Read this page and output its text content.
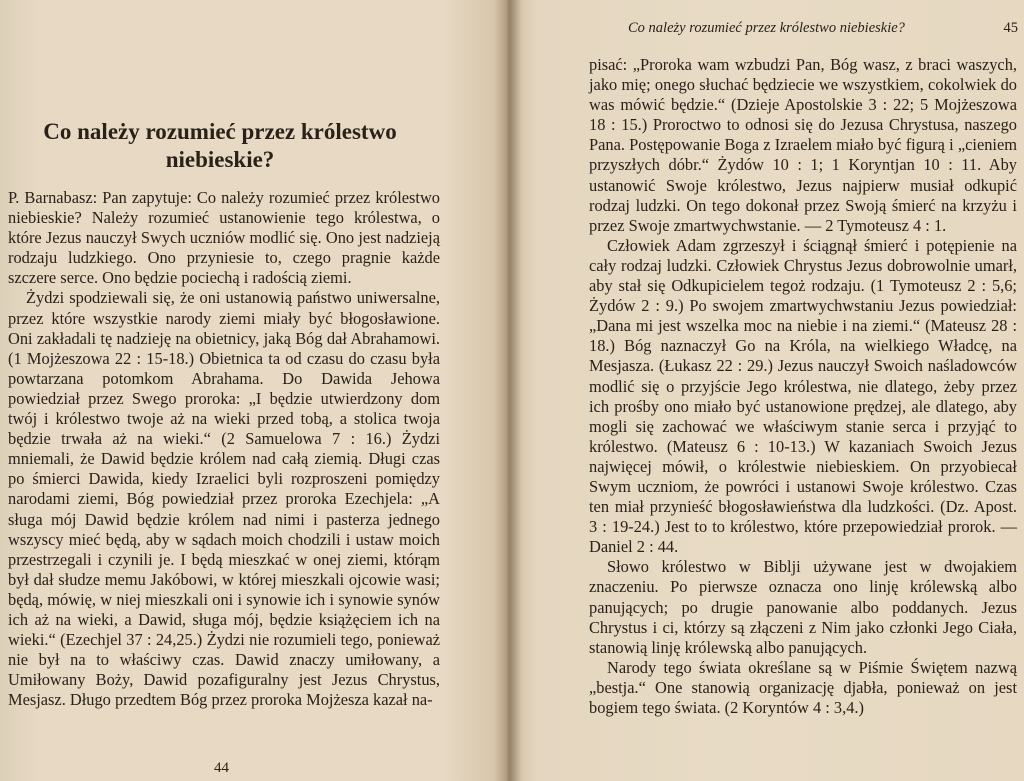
Co należy rozumieć przez królestwo niebieskie?

P. Barnabasz: Pan zapytuje: Co należy rozumieć przez królestwo niebieskie? Należy rozumieć ustanowienie tego królestwa, o które Jezus nauczył Swych uczniów modlić się. Ono jest nadzieją rodzaju ludzkiego. Ono przyniesie to, czego pragnie każde szczere serce. Ono będzie pociechą i radością ziemi.

Żydzi spodziewali się, że oni ustanowią państwo uniwersalne, przez które wszystkie narody ziemi miały być błogosławione. Oni zakładali tę nadzieję na obietnicy, jaką Bóg dał Abrahamowi. (1 Mojżeszowa 22 : 15-18.) Obietnica ta od czasu do czasu była powtarzana potomkom Abrahama. Do Dawida Jehowa powiedział przez Swego proroka: „I będzie utwierdzony dom twój i królestwo twoje aż na wieki przed tobą, a stolica twoja będzie trwała aż na wieki.“ (2 Samuelowa 7 : 16.) Żydzi mniemali, że Dawid będzie królem nad całą ziemią. Długi czas po śmierci Dawida, kiedy Izraelici byli rozproszeni pomiędzy narodami ziemi, Bóg powiedział przez proroka Ezechjela: „A sługa mój Dawid będzie królem nad nimi i pasterza jednego wszyscy mieć będą, aby w sądach moich chodzili i ustaw moich przestrzegali i czynili je. I będą mieszkać w onej ziemi, którąm był dał słudze memu Jakóbowi, w której mieszkali ojcowie wasi; będą, mówię, w niej mieszkali oni i synowie ich i synowie synów ich aż na wieki, a Dawid, sługa mój, będzie książęciem ich na wieki.“ (Ezechjel 37 : 24,25.) Żydzi nie rozumieli tego, ponieważ nie był na to właściwy czas. Dawid znaczy umiłowany, a Umiłowany Boży, Dawid pozafiguralny jest Jezus Chrystus, Mesjasz. Długo przedtem Bóg przez proroka Mojżesza kazał na-

44
Co należy rozumieć przez królestwo niebieskie?	45

pisać: „Proroka wam wzbudzi Pan, Bóg wasz, z braci waszych, jako mię; onego słuchać będziecie we wszystkiem, cokolwiek do was mówić będzie.“ (Dzieje Apostolskie 3 : 22; 5 Mojżeszowa 18 : 15.) Proroctwo to odnosi się do Jezusa Chrystusa, naszego Pana. Postępowanie Boga z Izraelem miało być figurą i „cieniem przyszłych dóbr.“ Żydów 10 : 1; 1 Koryntjan 10 : 11. Aby ustanowić Swoje królestwo, Jezus najpierw musiał odkupić rodzaj ludzki. On tego dokonał przez Swoją śmierć na krzyżu i przez Swoje zmartwychwstanie. — 2 Tymoteusz 4 : 1.

Człowiek Adam zgrzeszył i ściągnął śmierć i potępienie na cały rodzaj ludzki. Człowiek Chrystus Jezus dobrowolnie umarł, aby stał się Odkupicielem tegoż rodzaju. (1 Tymoteusz 2 : 5,6; Żydów 2 : 9.) Po swojem zmartwychwstaniu Jezus powiedział: „Dana mi jest wszelka moc na niebie i na ziemi.“ (Mateusz 28 : 18.) Bóg naznaczył Go na Króla, na wielkiego Władcę, na Mesjasza. (Łukasz 22 : 29.) Jezus nauczył Swoich naśladowców modlić się o przyjście Jego królestwa, nie dlatego, żeby przez ich prośby ono miało być ustanowione prędzej, ale dlatego, aby mogli się zachować we właściwym stanie serca i przyjąć to królestwo. (Mateusz 6 : 10-13.) W kazaniach Swoich Jezus najwięcej mówił, o królestwie niebieskiem. On przyobiecał Swym uczniom, że powróci i ustanowi Swoje królestwo. Czas ten miał przynieść błogosławieństwa dla ludzkości. (Dz. Apost. 3 : 19-24.) Jest to to królestwo, które przepowiedział prorok. — Daniel 2 : 44.

Słowo królestwo w Biblji używane jest w dwojakiem znaczeniu. Po pierwsze oznacza ono linję królewską albo panujących; po drugie panowanie albo poddanych. Jezus Chrystus i ci, którzy są złączeni z Nim jako członki Jego Ciała, stanowią linję królewską albo panujących.

Narody tego świata określane są w Piśmie Świętem nazwą „bestja.“ One stanowią organizację djabła, ponieważ on jest bogiem tego świata. (2 Koryntów 4 : 3,4.)
